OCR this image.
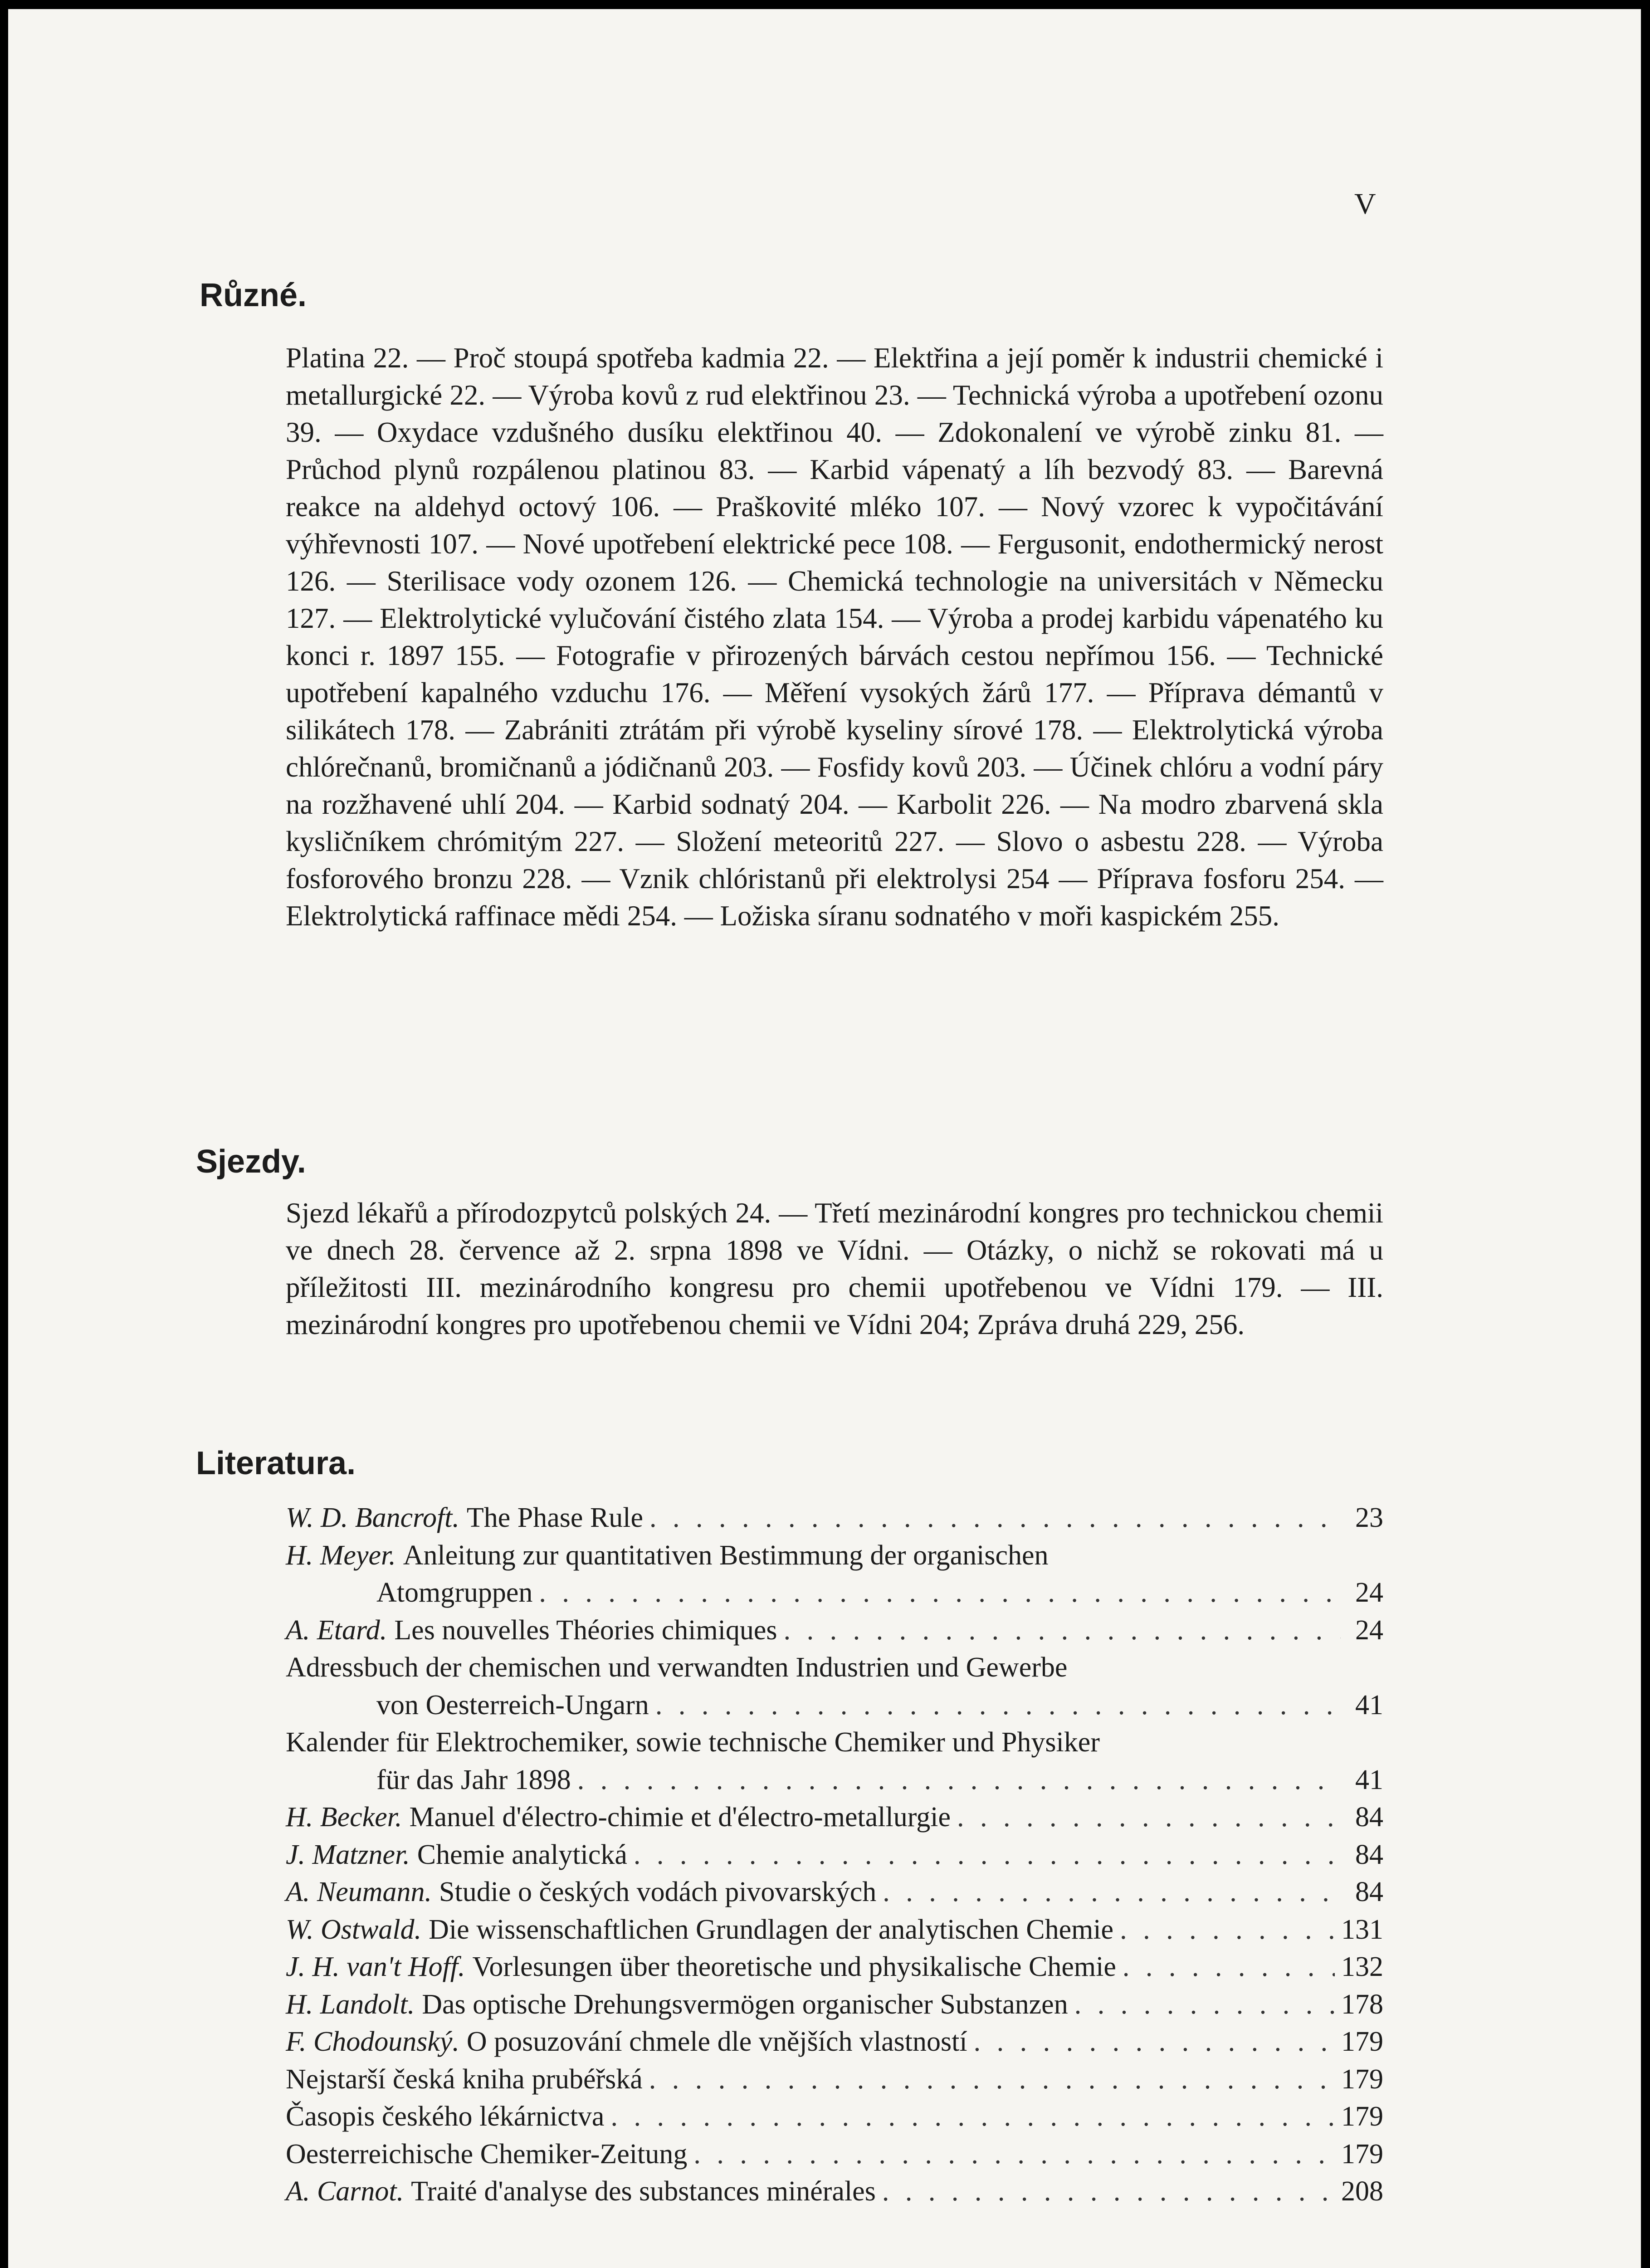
V
Různé.

Platina 22. — Proč stoupá spotřeba kadmia 22. — Elektřina a její poměr k industrii chemické i metallurgické 22. — Výroba kovů z rud elektřinou 23. — Technická výroba a upotřebení ozonu 39. — Oxydace vzdušného dusíku elektřinou 40. — Zdokonalení ve výrobě zinku 81. — Průchod plynů rozpálenou platinou 83. — Karbid vápenatý a líh bezvodý 83. — Barevná reakce na aldehyd octový 106. — Praškovité mléko 107. — Nový vzorec k vypočitávání výhřevnosti 107. — Nové upotřebení elektrické pece 108. — Fergusonit, endothermický nerost 126. — Sterilisace vody ozonem 126. — Chemická technologie na universitách v Německu 127. — Elektrolytické vylučování čistého zlata 154. — Výroba a prodej karbidu vápenatého ku konci r. 1897 155. — Fotografie v přirozených bárvách cestou nepřímou 156. — Technické upotřebení kapalného vzduchu 176. — Měření vysokých žárů 177. — Příprava démantů v silikátech 178. — Zabrániti ztrátám při výrobě kyseliny sírové 178. — Elektrolytická výroba chlórečnanů, bromičnanů a jódičnanů 203. — Fosfidy kovů 203. — Účinek chlóru a vodní páry na rozžhavené uhlí 204. — Karbid sodnatý 204. — Karbolit 226. — Na modro zbarvená skla kysličníkem chrómitým 227. — Složení meteoritů 227. — Slovo o asbestu 228. — Výroba fosforového bronzu 228. — Vznik chlóristanů při elektrolysi 254 — Příprava fosforu 254. — Elektrolytická raffinace mědi 254. — Ložiska síranu sodnatého v moři kaspickém 255.

Sjezdy.

Sjezd lékařů a přírodozpytců polských 24. — Třetí mezinárodní kongres pro technickou chemii ve dnech 28. července až 2. srpna 1898 ve Vídni. — Otázky, o nichž se rokovati má u příležitosti III. mezinárodního kongresu pro chemii upotřebenou ve Vídni 179. — III. mezinárodní kongres pro upotřebenou chemii ve Vídni 204; Zpráva druhá 229, 256.

Literatura.
W. D. Bancroft. The Phase Rule . . .	23
H. Meyer. Anleitung zur quantitativen Bestimmung der organischen
Atomgruppen . . .	24
A. Etard. Les nouvelles Théories chimiques . . .	24
Adressbuch der chemischen und verwandten Industrien und Gewerbe
von Oesterreich-Ungarn . . .	41
Kalender für Elektrochemiker, sowie technische Chemiker und Physiker
für das Jahr 1898 . . .	41
H. Becker. Manuel d'électro-chimie et d'électro-metallurgie . . .	84
J. Matzner. Chemie analytická . . .	84
A. Neumann. Studie o českých vodách pivovarských . . .	84
W. Ostwald. Die wissenschaftlichen Grundlagen der analytischen Chemie . . .	131
J. H. van't Hoff. Vorlesungen über theoretische und physikalische Chemie . . .	132
H. Landolt. Das optische Drehungsvermögen organischer Substanzen . . .	178
F. Chodounský. O posuzování chmele dle vnějších vlastností . . .	179
Nejstarší česká kniha prubéřská . . .	179
Časopis českého lékárnictva . . .	179
Oesterreichische Chemiker-Zeitung . . .	179
A. Carnot. Traité d'analyse des substances minérales . . .	208
